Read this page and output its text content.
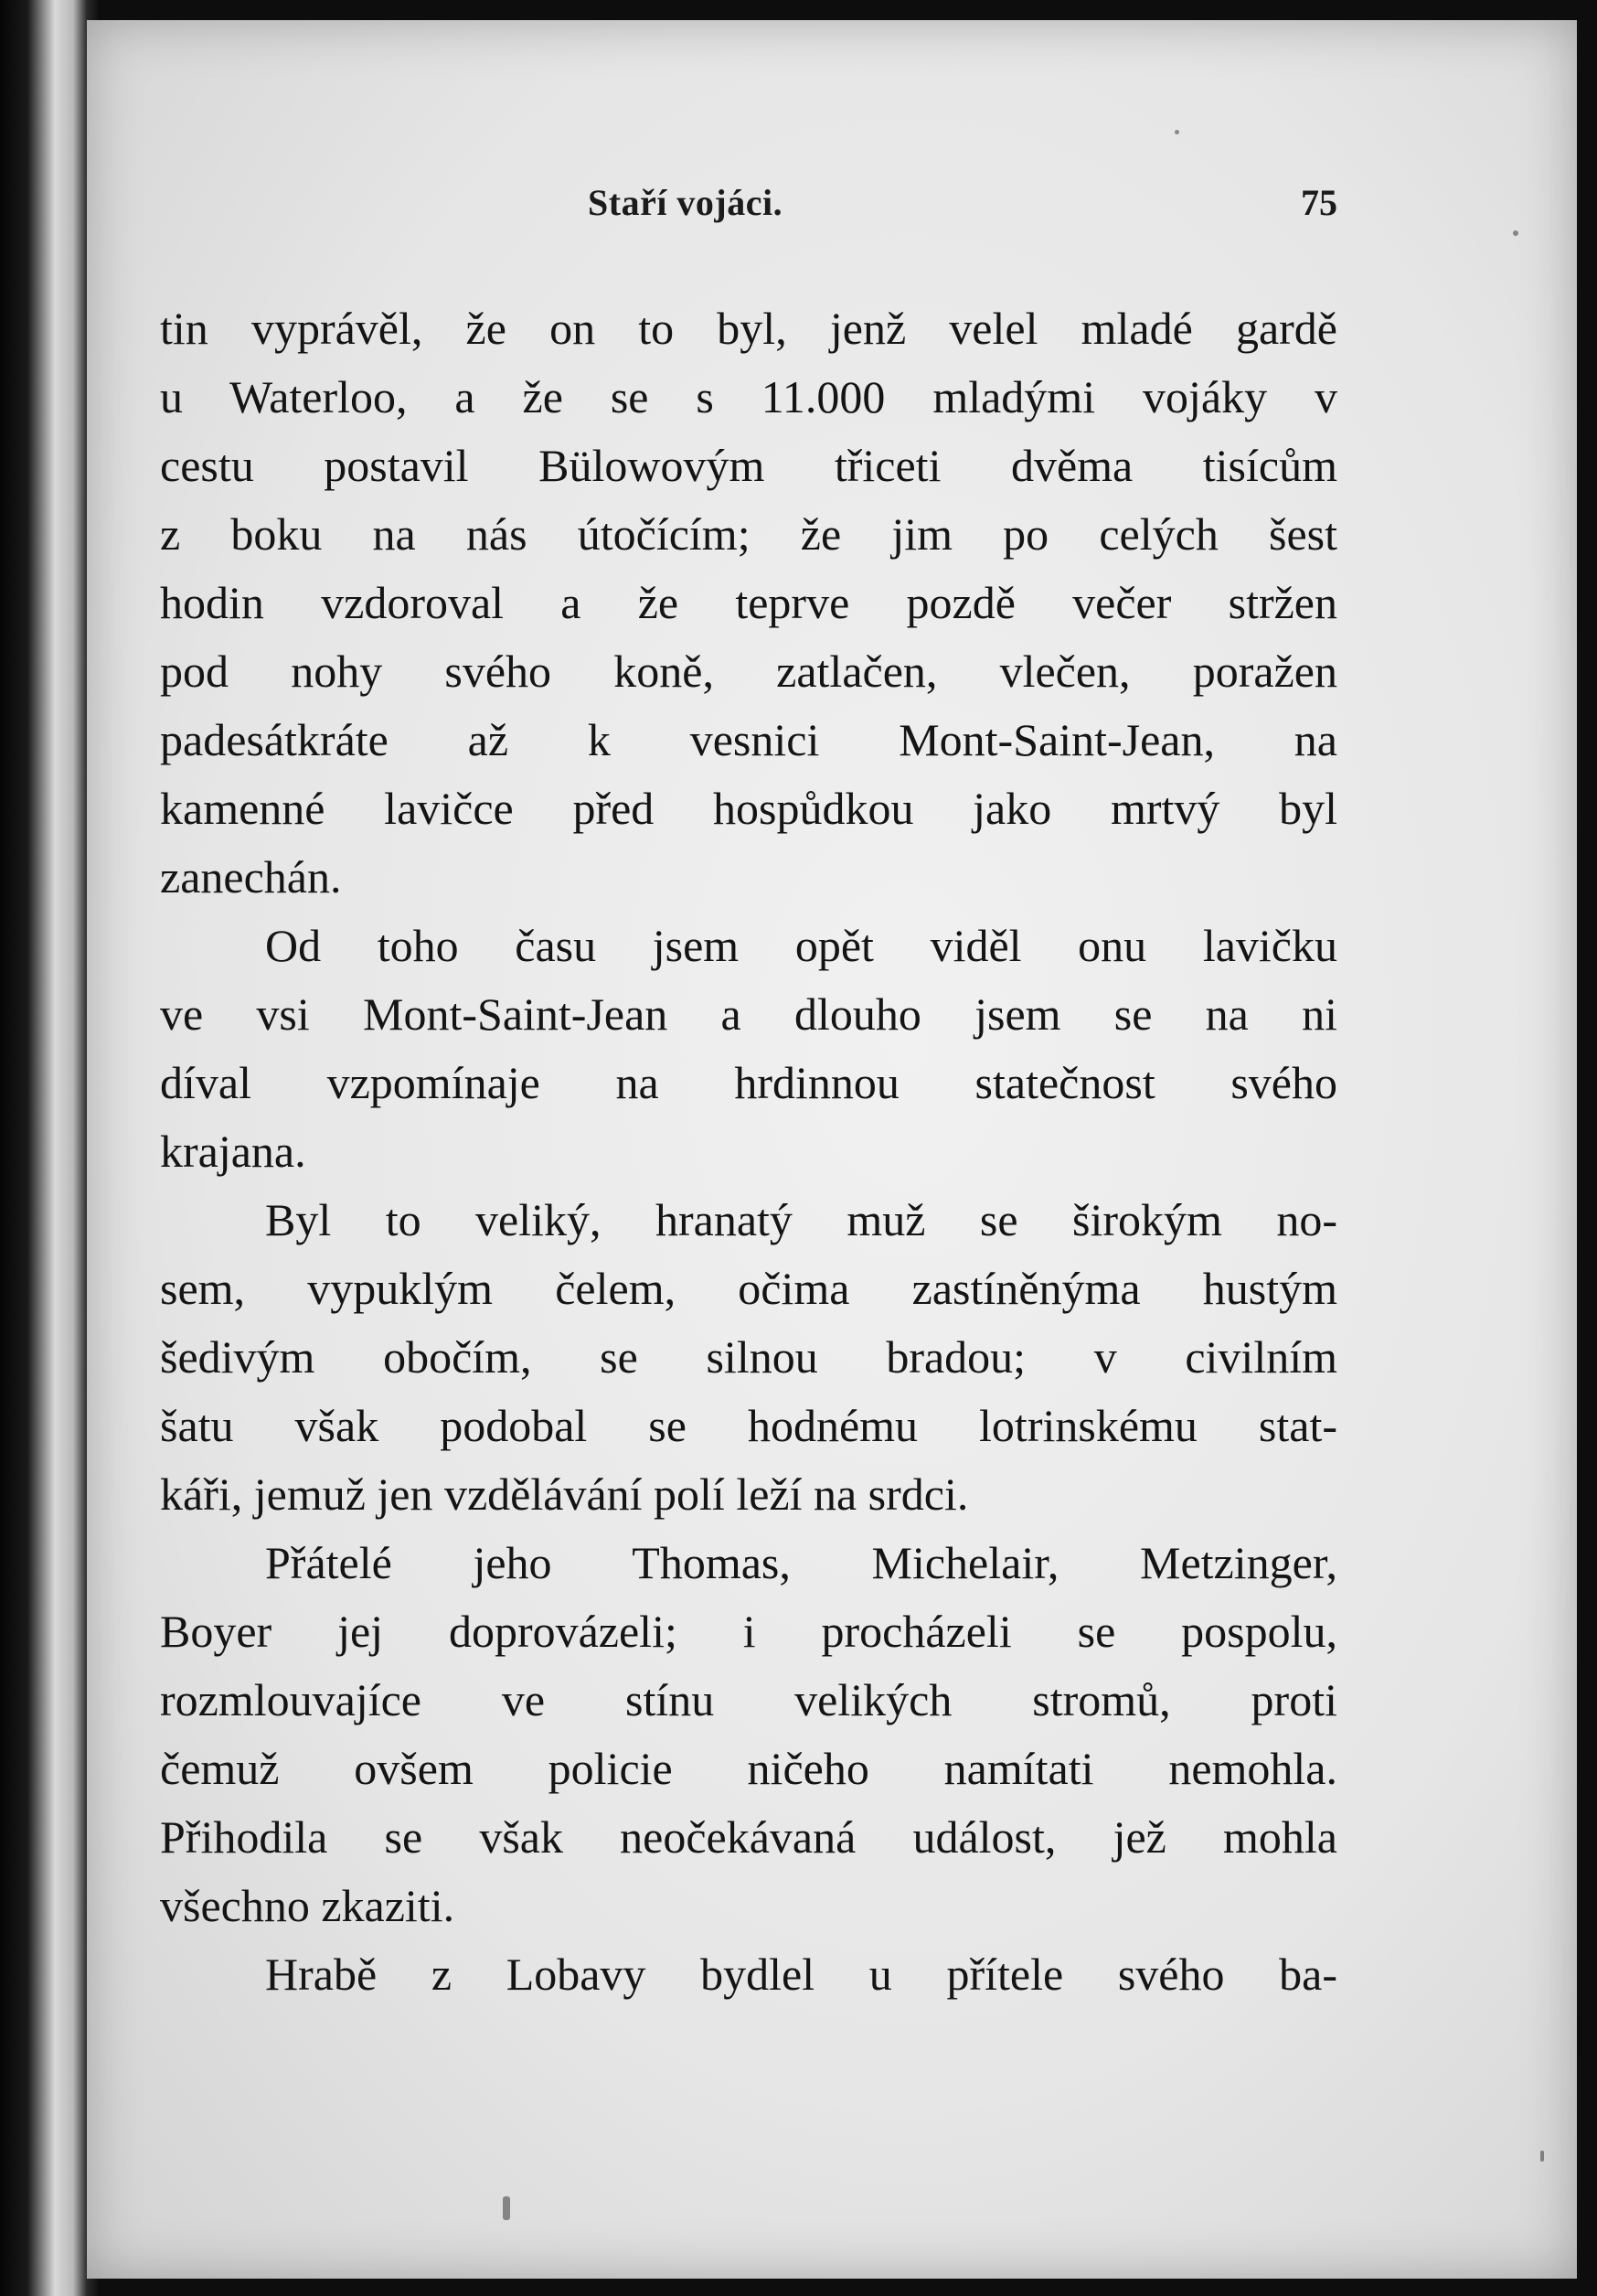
Staří vojáci.	75
tin vyprávěl, že on to byl, jenž velel mladé gardě
u Waterloo, a že se s 11.000 mladými vojáky v
cestu postavil Bülowovým třiceti dvěma tisícům
z boku na nás útočícím; že jim po celých šest
hodin vzdoroval a že teprve pozdě večer stržen
pod nohy svého koně, zatlačen, vlečen, poražen
padesátkráte až k vesnici Mont-Saint-Jean, na
kamenné lavičce před hospůdkou jako mrtvý byl
zanechán.
Od toho času jsem opět viděl onu lavičku
ve vsi Mont-Saint-Jean a dlouho jsem se na ni
díval vzpomínaje na hrdinnou statečnost svého
krajana.
Byl to veliký, hranatý muž se širokým no-
sem, vypuklým čelem, očima zastíněnýma hustým
šedivým obočím, se silnou bradou; v civilním
šatu však podobal se hodnému lotrinskému stat-
káři, jemuž jen vzdělávání polí leží na srdci.
Přátelé jeho Thomas, Michelair, Metzinger,
Boyer jej doprovázeli; i procházeli se pospolu,
rozmlouvajíce ve stínu velikých stromů, proti
čemuž ovšem policie ničeho namítati nemohla.
Přihodila se však neočekávaná událost, jež mohla
všechno zkaziti.
Hrabě z Lobavy bydlel u přítele svého ba-
